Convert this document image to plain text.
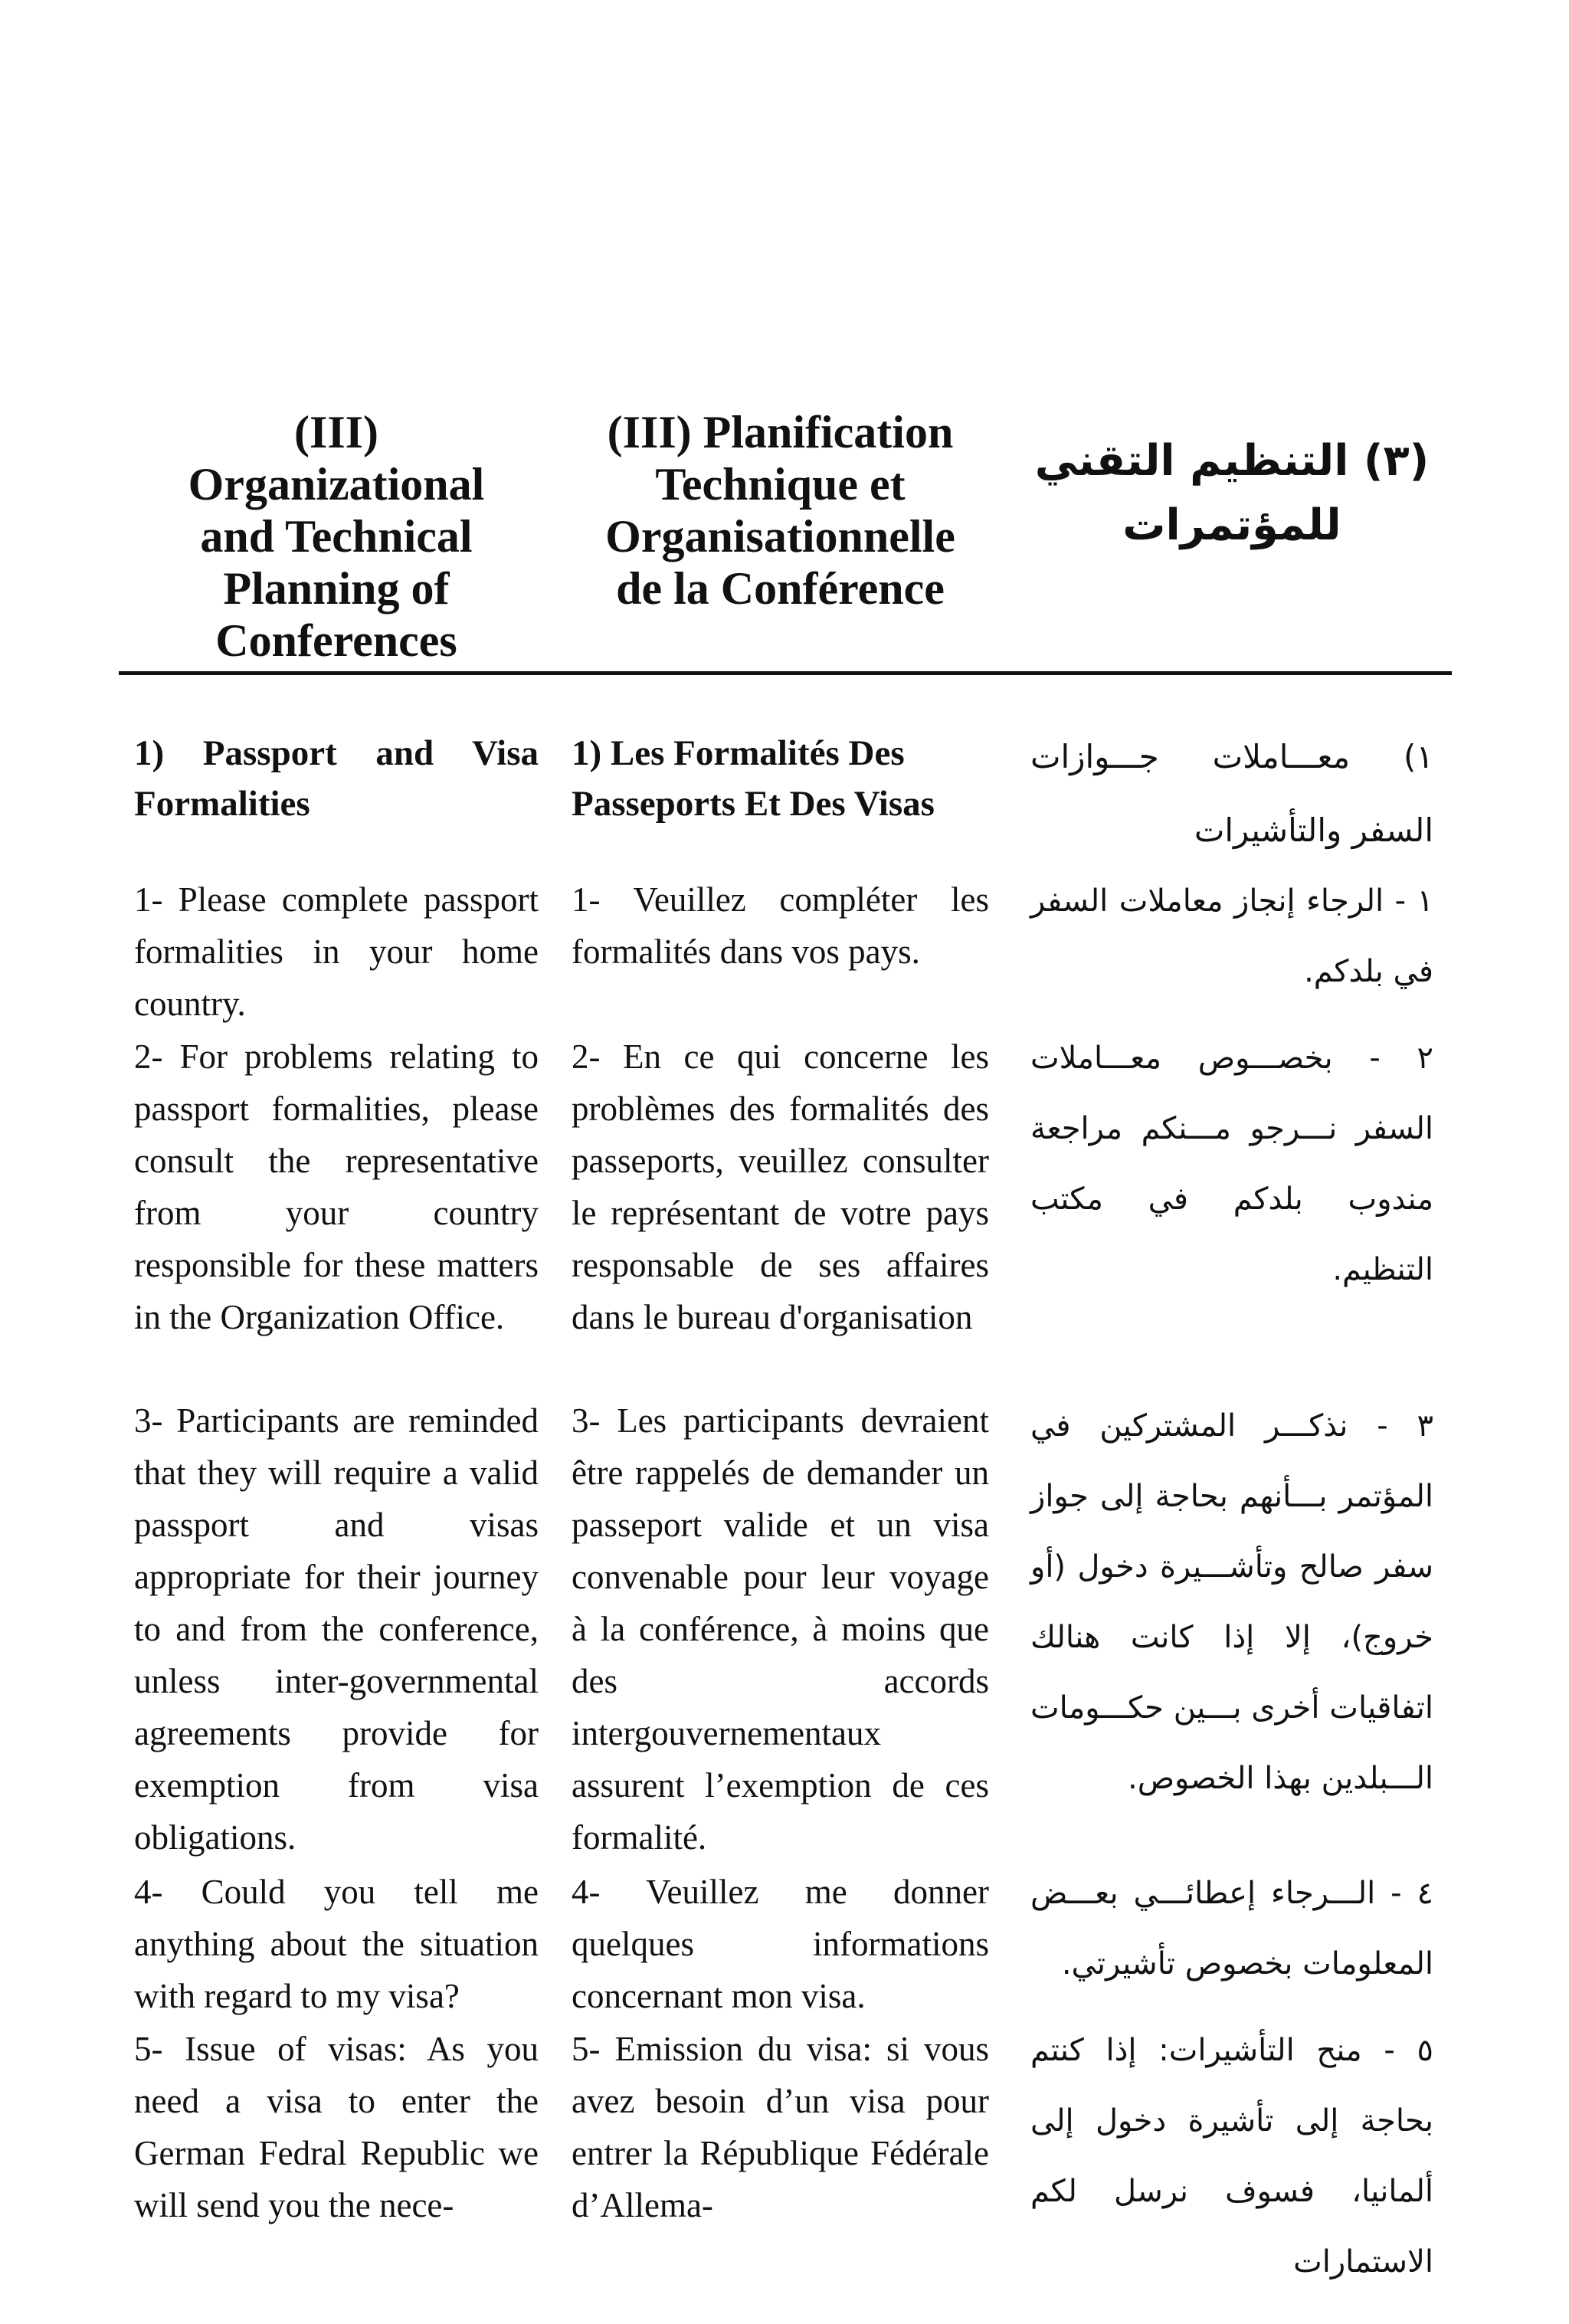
(III)
Organizational
and Technical
Planning of
Conferences
(III) Planification
Technique et
Organisationnelle
de la Conférence
(٣) التنظيم التقني
للمؤتمرات
1) Passport and Visa Formalities
1- Please complete passport formalities in your home country.
2- For problems relating to passport formalities, please consult the representative from your country responsible for these matters in the Organization Office.
3- Participants are reminded that they will require a valid passport and visas appropriate for their journey to and from the conference, unless inter-governmental agreements provide for exemption from visa obligations.
4- Could you tell me anything about the situation with regard to my visa?
5- Issue of visas: As you need a visa to enter the German Fedral Republic we will send you the nece-
1) Les Formalités Des Passeports Et Des Visas
1- Veuillez compléter les formalités dans vos pays.
2- En ce qui concerne les problèmes des formalités des passeports, veuillez consulter le représentant de votre pays responsable de ses affaires dans le bureau d'organisation
3- Les participants devraient être rappelés de demander un passeport valide et un visa convenable pour leur voyage à la conférence, à moins que des accords intergouvernementaux assurent l’exemption de ces formalité.
4- Veuillez me donner quelques informations concernant mon visa.
5- Emission du visa: si vous avez besoin d’un visa pour entrer la République Fédérale d’Allema-
١) معـــاملات جـــوازات السفر والتأشيرات
١ - الرجاء إنجاز معاملات السفر في بلدكم.
٢ - بخصـــوص معـــاملات السفر نـــرجو مـــنكم مراجعة مندوب بلدكم في مكتب التنظيم.
٣ - نذكـــر المشتركين في المؤتمر بـــأنهم بحاجة إلى جواز سفر صالح وتأشـــيرة دخول (أو خروج)، إلا إذا كانت هنالك اتفاقيات أخرى بـــين حكـــومات الـــبلدين بهذا الخصوص.
٤ - الـــرجاء إعطائـــي بعـــض المعلومات بخصوص تأشيرتي.
٥ - منح التأشيرات: إذا كنتم بحاجة إلى تأشيرة دخول إلى ألمانيا، فسوف نرسل لكم الاستمارات
